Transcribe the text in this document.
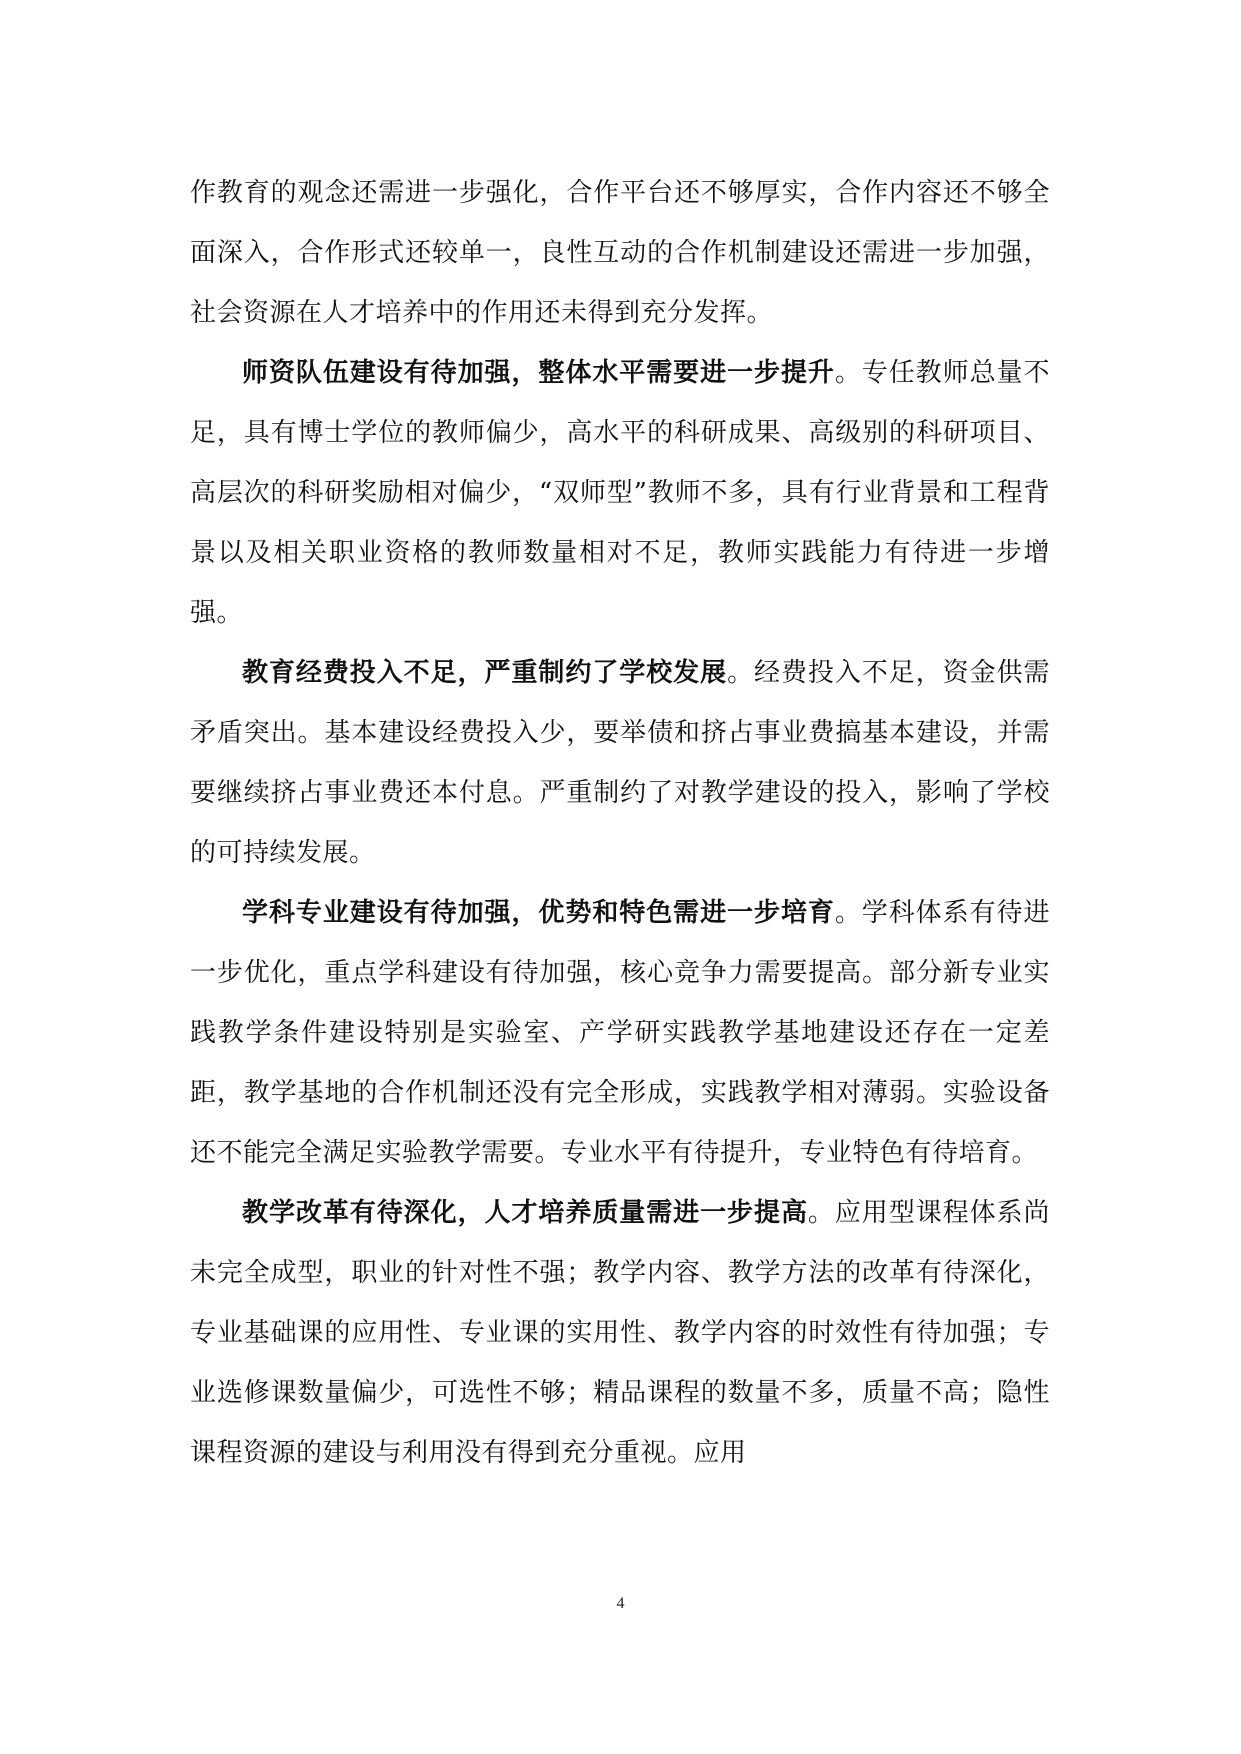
作教育的观念还需进一步强化，合作平台还不够厚实，合作内容还不够全面深入，合作形式还较单一，良性互动的合作机制建设还需进一步加强，社会资源在人才培养中的作用还未得到充分发挥。

师资队伍建设有待加强，整体水平需要进一步提升。专任教师总量不足，具有博士学位的教师偏少，高水平的科研成果、高级别的科研项目、高层次的科研奖励相对偏少，“双师型”教师不多，具有行业背景和工程背景以及相关职业资格的教师数量相对不足，教师实践能力有待进一步增强。

教育经费投入不足，严重制约了学校发展。经费投入不足，资金供需矛盾突出。基本建设经费投入少，要举债和挤占事业费搞基本建设，并需要继续挤占事业费还本付息。严重制约了对教学建设的投入，影响了学校的可持续发展。

学科专业建设有待加强，优势和特色需进一步培育。学科体系有待进一步优化，重点学科建设有待加强，核心竞争力需要提高。部分新专业实践教学条件建设特别是实验室、产学研实践教学基地建设还存在一定差距，教学基地的合作机制还没有完全形成，实践教学相对薄弱。实验设备还不能完全满足实验教学需要。专业水平有待提升，专业特色有待培育。

教学改革有待深化，人才培养质量需进一步提高。应用型课程体系尚未完全成型，职业的针对性不强；教学内容、教学方法的改革有待深化，专业基础课的应用性、专业课的实用性、教学内容的时效性有待加强；专业选修课数量偏少，可选性不够；精品课程的数量不多，质量不高；隐性课程资源的建设与利用没有得到充分重视。应用

4
